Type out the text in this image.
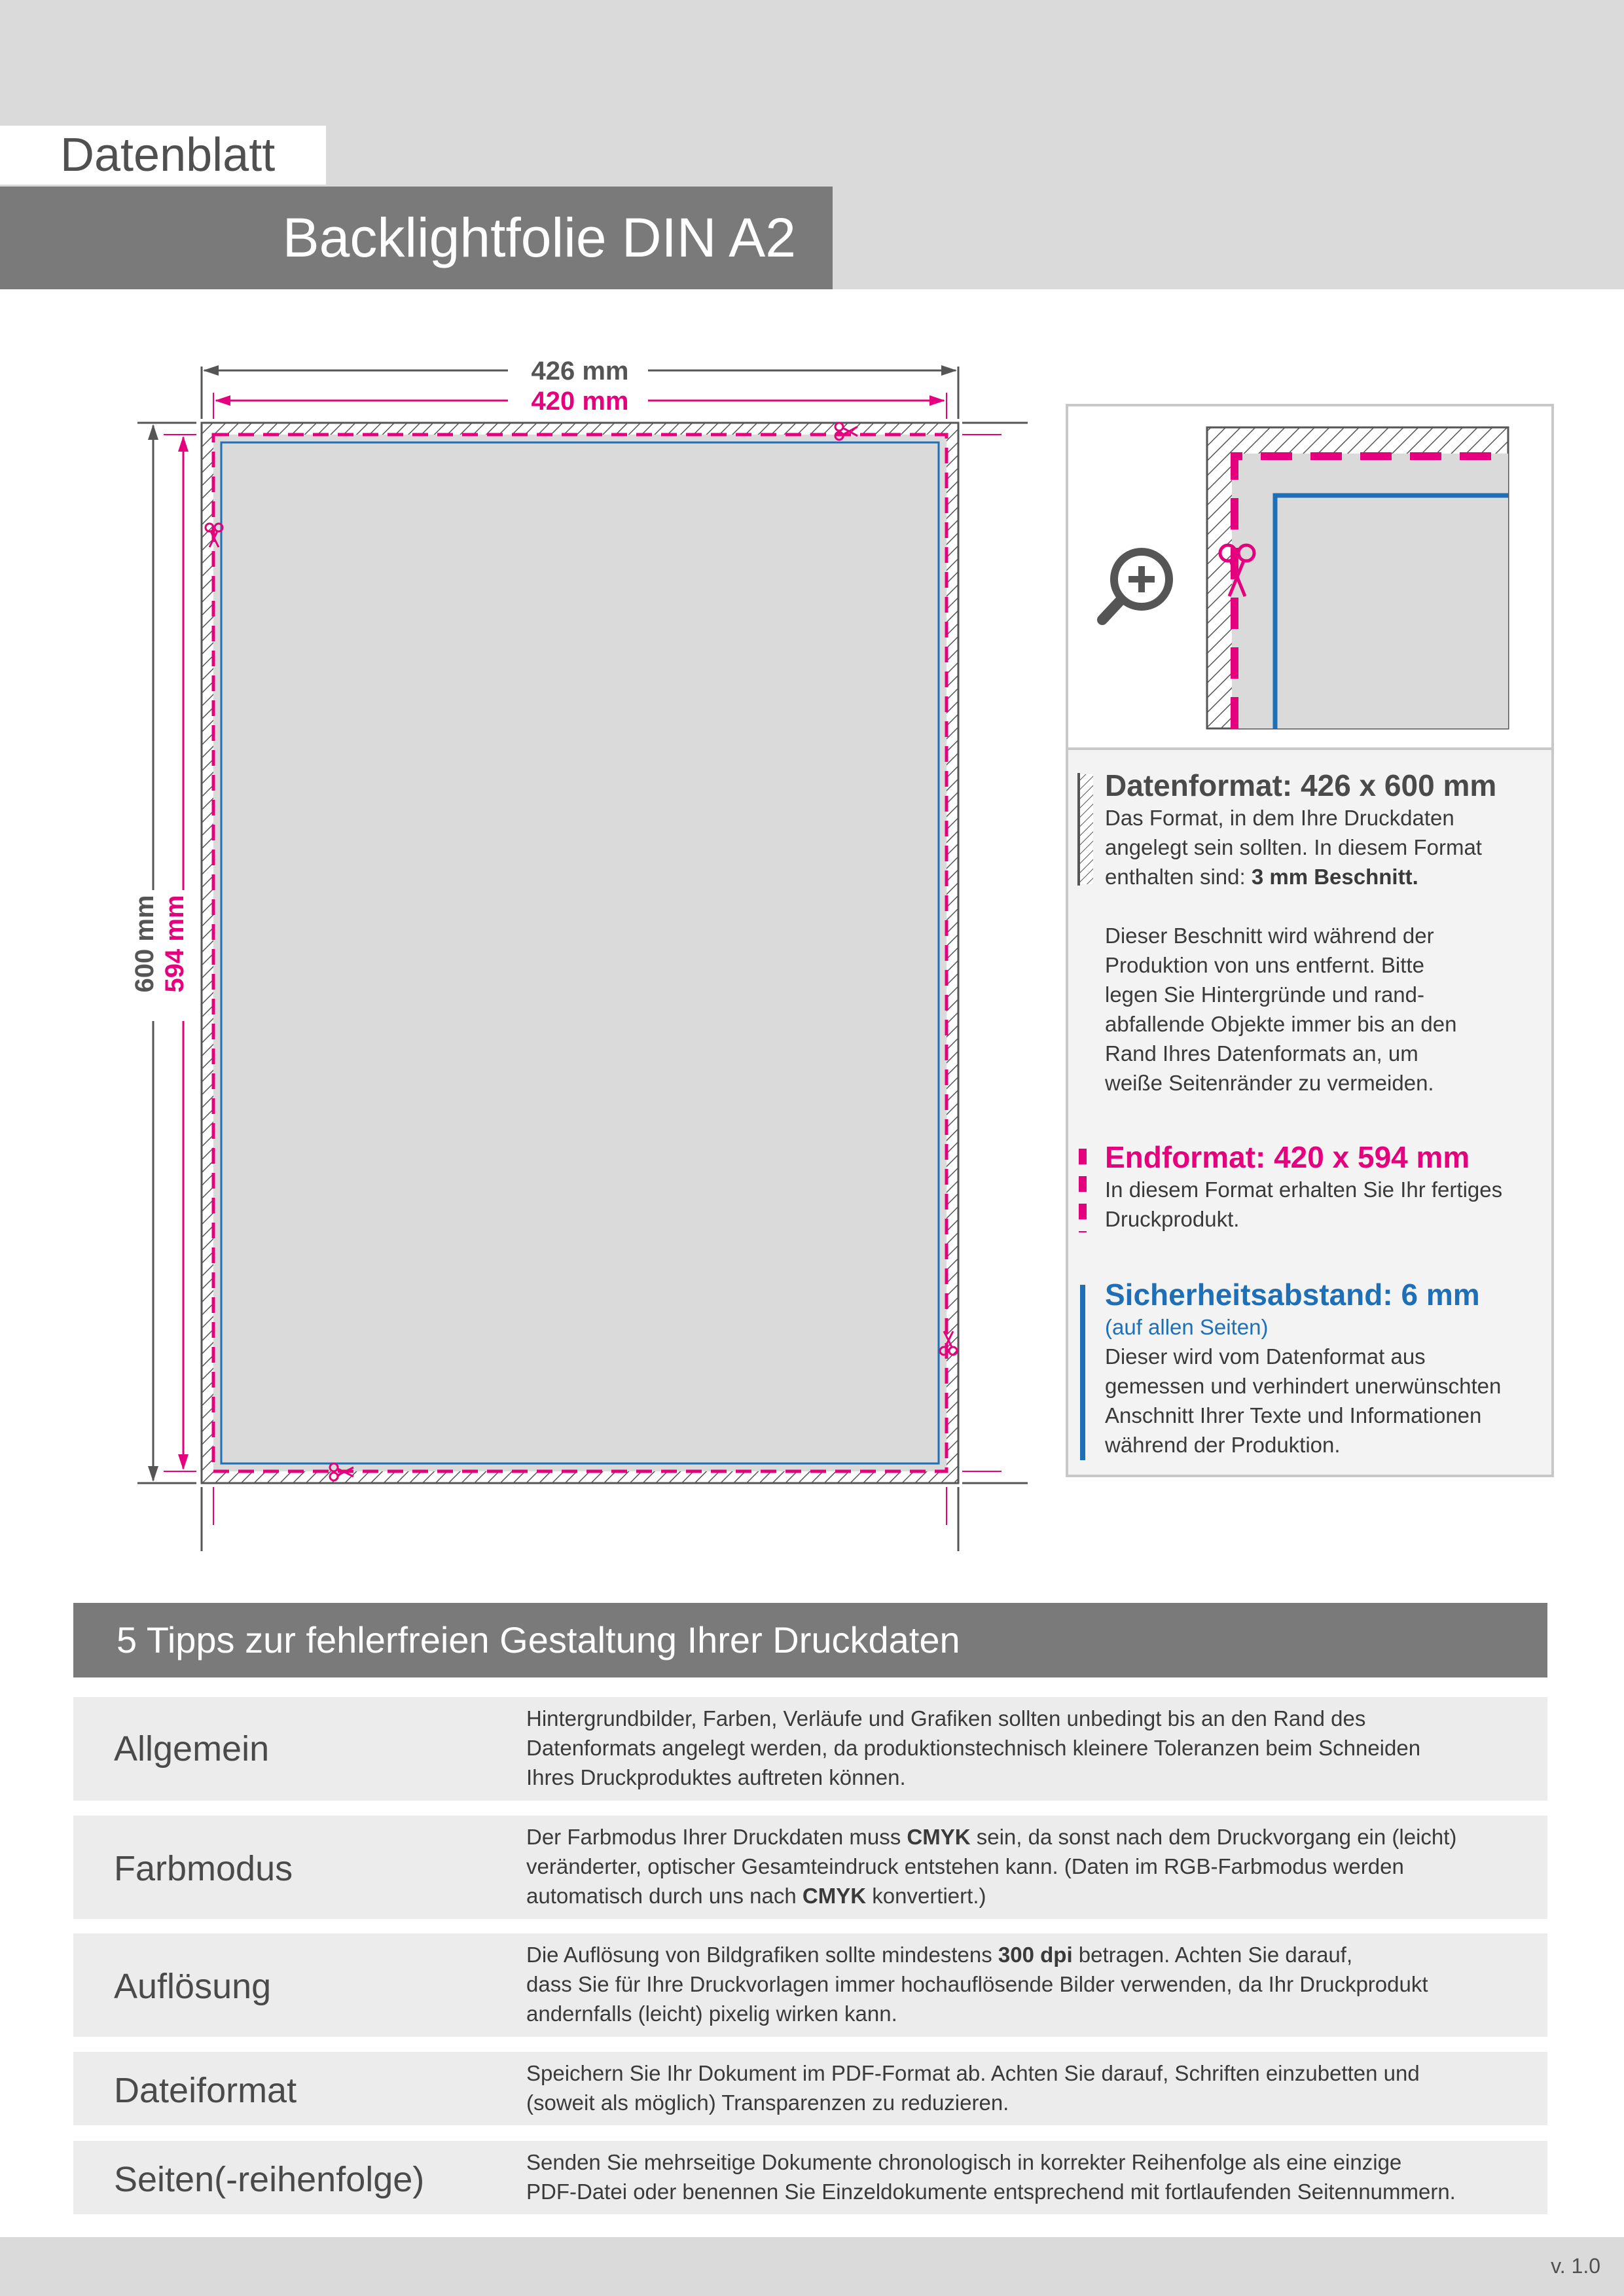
Datenblatt
Backlightfolie DIN A2
426 mm
420 mm
600 mm 594 mm
Datenformat: 426 x 600 mm
Das Format, in dem Ihre Druckdaten
angelegt sein sollten. In diesem Format
enthalten sind: 3 mm Beschnitt.
Dieser Beschnitt wird während der
Produktion von uns entfernt. Bitte
legen Sie Hintergründe und rand-
abfallende Objekte immer bis an den
Rand Ihres Datenformats an, um
weiße Seitenränder zu vermeiden.
Endformat: 420 x 594 mm
In diesem Format erhalten Sie Ihr fertiges
Druckprodukt.
Sicherheitsabstand: 6 mm
(auf allen Seiten)
Dieser wird vom Datenformat aus
gemessen und verhindert unerwünschten
Anschnitt Ihrer Texte und Informationen
während der Produktion.
5 Tipps zur fehlerfreien Gestaltung Ihrer Druckdaten
Allgemein
Hintergrundbilder, Farben, Verläufe und Grafiken sollten unbedingt bis an den Rand des
Datenformats angelegt werden, da produktionstechnisch kleinere Toleranzen beim Schneiden
Ihres Druckproduktes auftreten können.
Farbmodus
Der Farbmodus Ihrer Druckdaten muss CMYK sein, da sonst nach dem Druckvorgang ein (leicht)
veränderter, optischer Gesamteindruck entstehen kann. (Daten im RGB-Farbmodus werden
automatisch durch uns nach CMYK konvertiert.)
Auflösung
Die Auflösung von Bildgrafiken sollte mindestens 300 dpi betragen. Achten Sie darauf,
dass Sie für Ihre Druckvorlagen immer hochauflösende Bilder verwenden, da Ihr Druckprodukt
andernfalls (leicht) pixelig wirken kann.
Dateiformat	Speichern Sie Ihr Dokument im PDF-Format ab. Achten Sie darauf, Schriften einzubetten und
(soweit als möglich) Transparenzen zu reduzieren.
Seiten(-reihenfolge)	Senden Sie mehrseitige Dokumente chronologisch in korrekter Reihenfolge als eine einzige
PDF-Datei oder benennen Sie Einzeldokumente entsprechend mit fortlaufenden Seitennummern.
v. 1.0
